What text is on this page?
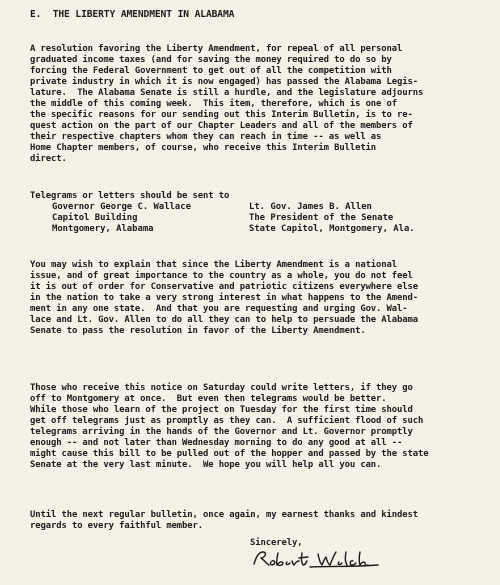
E.  THE LIBERTY AMENDMENT IN ALABAMA
A resolution favoring the Liberty Amendment, for repeal of all personal
graduated income taxes (and for saving the money required to do so by
forcing the Federal Government to get out of all the competition with
private industry in which it is now engaged) has passed the Alabama Legis-
lature.  The Alabama Senate is still a hurdle, and the legislature adjourns
the middle of this coming week.  This item, therefore, which is one of
the specific reasons for our sending out this Interim Bulletin, is to re-
quest action on the part of our Chapter Leaders and all of the members of
their respective chapters whom they can reach in time -- as well as
Home Chapter members, of course, who receive this Interim Bulletin
direct.
Telegrams or letters should be sent to
Governor George C. Wallace
Capitol Building
Montgomery, Alabama
Lt. Gov. James B. Allen
The President of the Senate
State Capitol, Montgomery, Ala.
You may wish to explain that since the Liberty Amendment is a national
issue, and of great importance to the country as a whole, you do not feel
it is out of order for Conservative and patriotic citizens everywhere else
in the nation to take a very strong interest in what happens to the Amend-
ment in any one state.  And that you are requesting and urging Gov. Wal-
lace and Lt. Gov. Allen to do all they can to help to persuade the Alabama
Senate to pass the resolution in favor of the Liberty Amendment.
Those who receive this notice on Saturday could write letters, if they go
off to Montgomery at once.  But even then telegrams would be better.
While those who learn of the project on Tuesday for the first time should
get off telegrams just as promptly as they can.  A sufficient flood of such
telegrams arriving in the hands of the Governor and Lt. Governor promptly
enough -- and not later than Wednesday morning to do any good at all --
might cause this bill to be pulled out of the hopper and passed by the state
Senate at the very last minute.  We hope you will help all you can.
Until the next regular bulletin, once again, my earnest thanks and kindest
regards to every faithful member.
Sincerely,
